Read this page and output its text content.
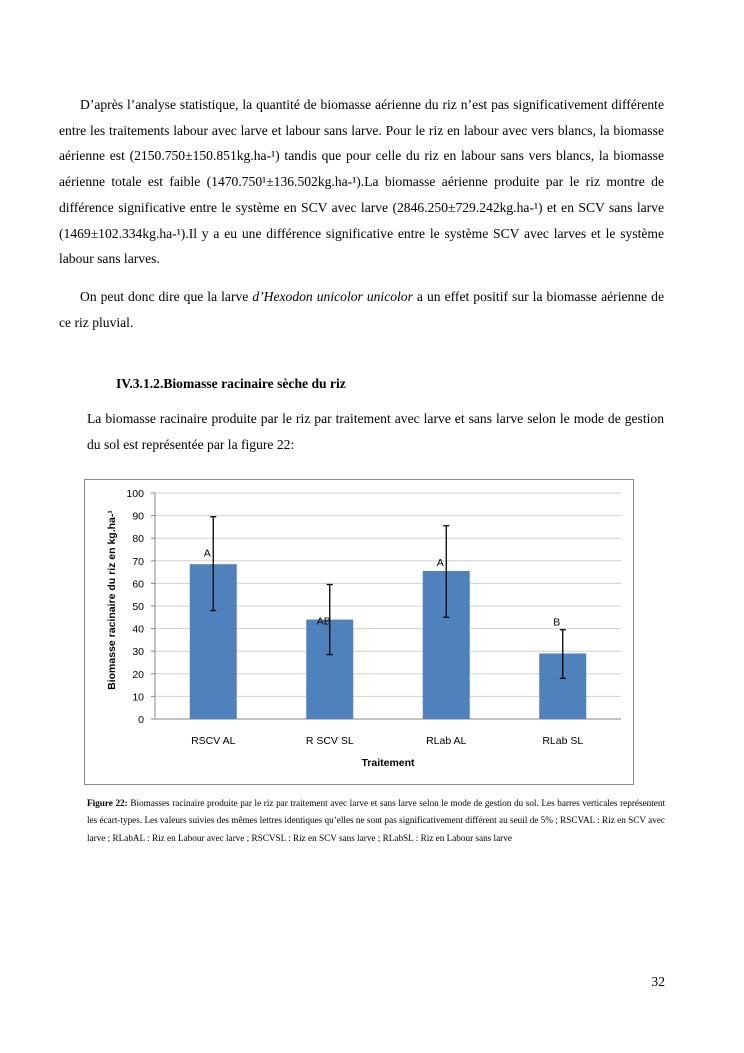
D’après l’analyse statistique, la quantité de biomasse aérienne du riz n’est pas significativement différente entre les traitements labour avec larve et labour sans larve. Pour le riz en labour avec vers blancs, la biomasse aérienne est (2150.750±150.851kg.ha-¹) tandis que pour celle du riz en labour sans vers blancs, la biomasse aérienne totale est faible (1470.750¹±136.502kg.ha-¹).La biomasse aérienne produite par le riz montre de différence significative entre le système en SCV avec larve (2846.250±729.242kg.ha-¹) et en SCV sans larve (1469±102.334kg.ha-¹).Il y a eu une différence significative entre le système SCV avec larves et le système labour sans larves.

On peut donc dire que la larve d’Hexodon unicolor unicolor a un effet positif sur la biomasse aérienne de ce riz pluvial.

IV.3.1.2.Biomasse racinaire sèche du riz

La biomasse racinaire produite par le riz par traitement avec larve et sans larve selon le mode de gestion du sol est représentée par la figure 22:

0
10
20
30
40
50
60
70
80
90
100
A
RSCV AL
AB
R SCV SL
A
RLab AL
B
RLab SL
Traitement
Biomasse racinaire du riz en kg.ha-¹

Figure 22: Biomasses racinaire produite par le riz par traitement avec larve et sans larve selon le mode de gestion du sol. Les barres verticales représentent les écart-types. Les valeurs suivies des mêmes lettres identiques qu’elles ne sont pas significativement différent au seuil de 5% ; RSCVAL : Riz en SCV avec larve ; RLabAL : Riz en Labour avec larve ; RSCVSL : Riz en SCV sans larve ; RLabSL : Riz en Labour sans larve

32
